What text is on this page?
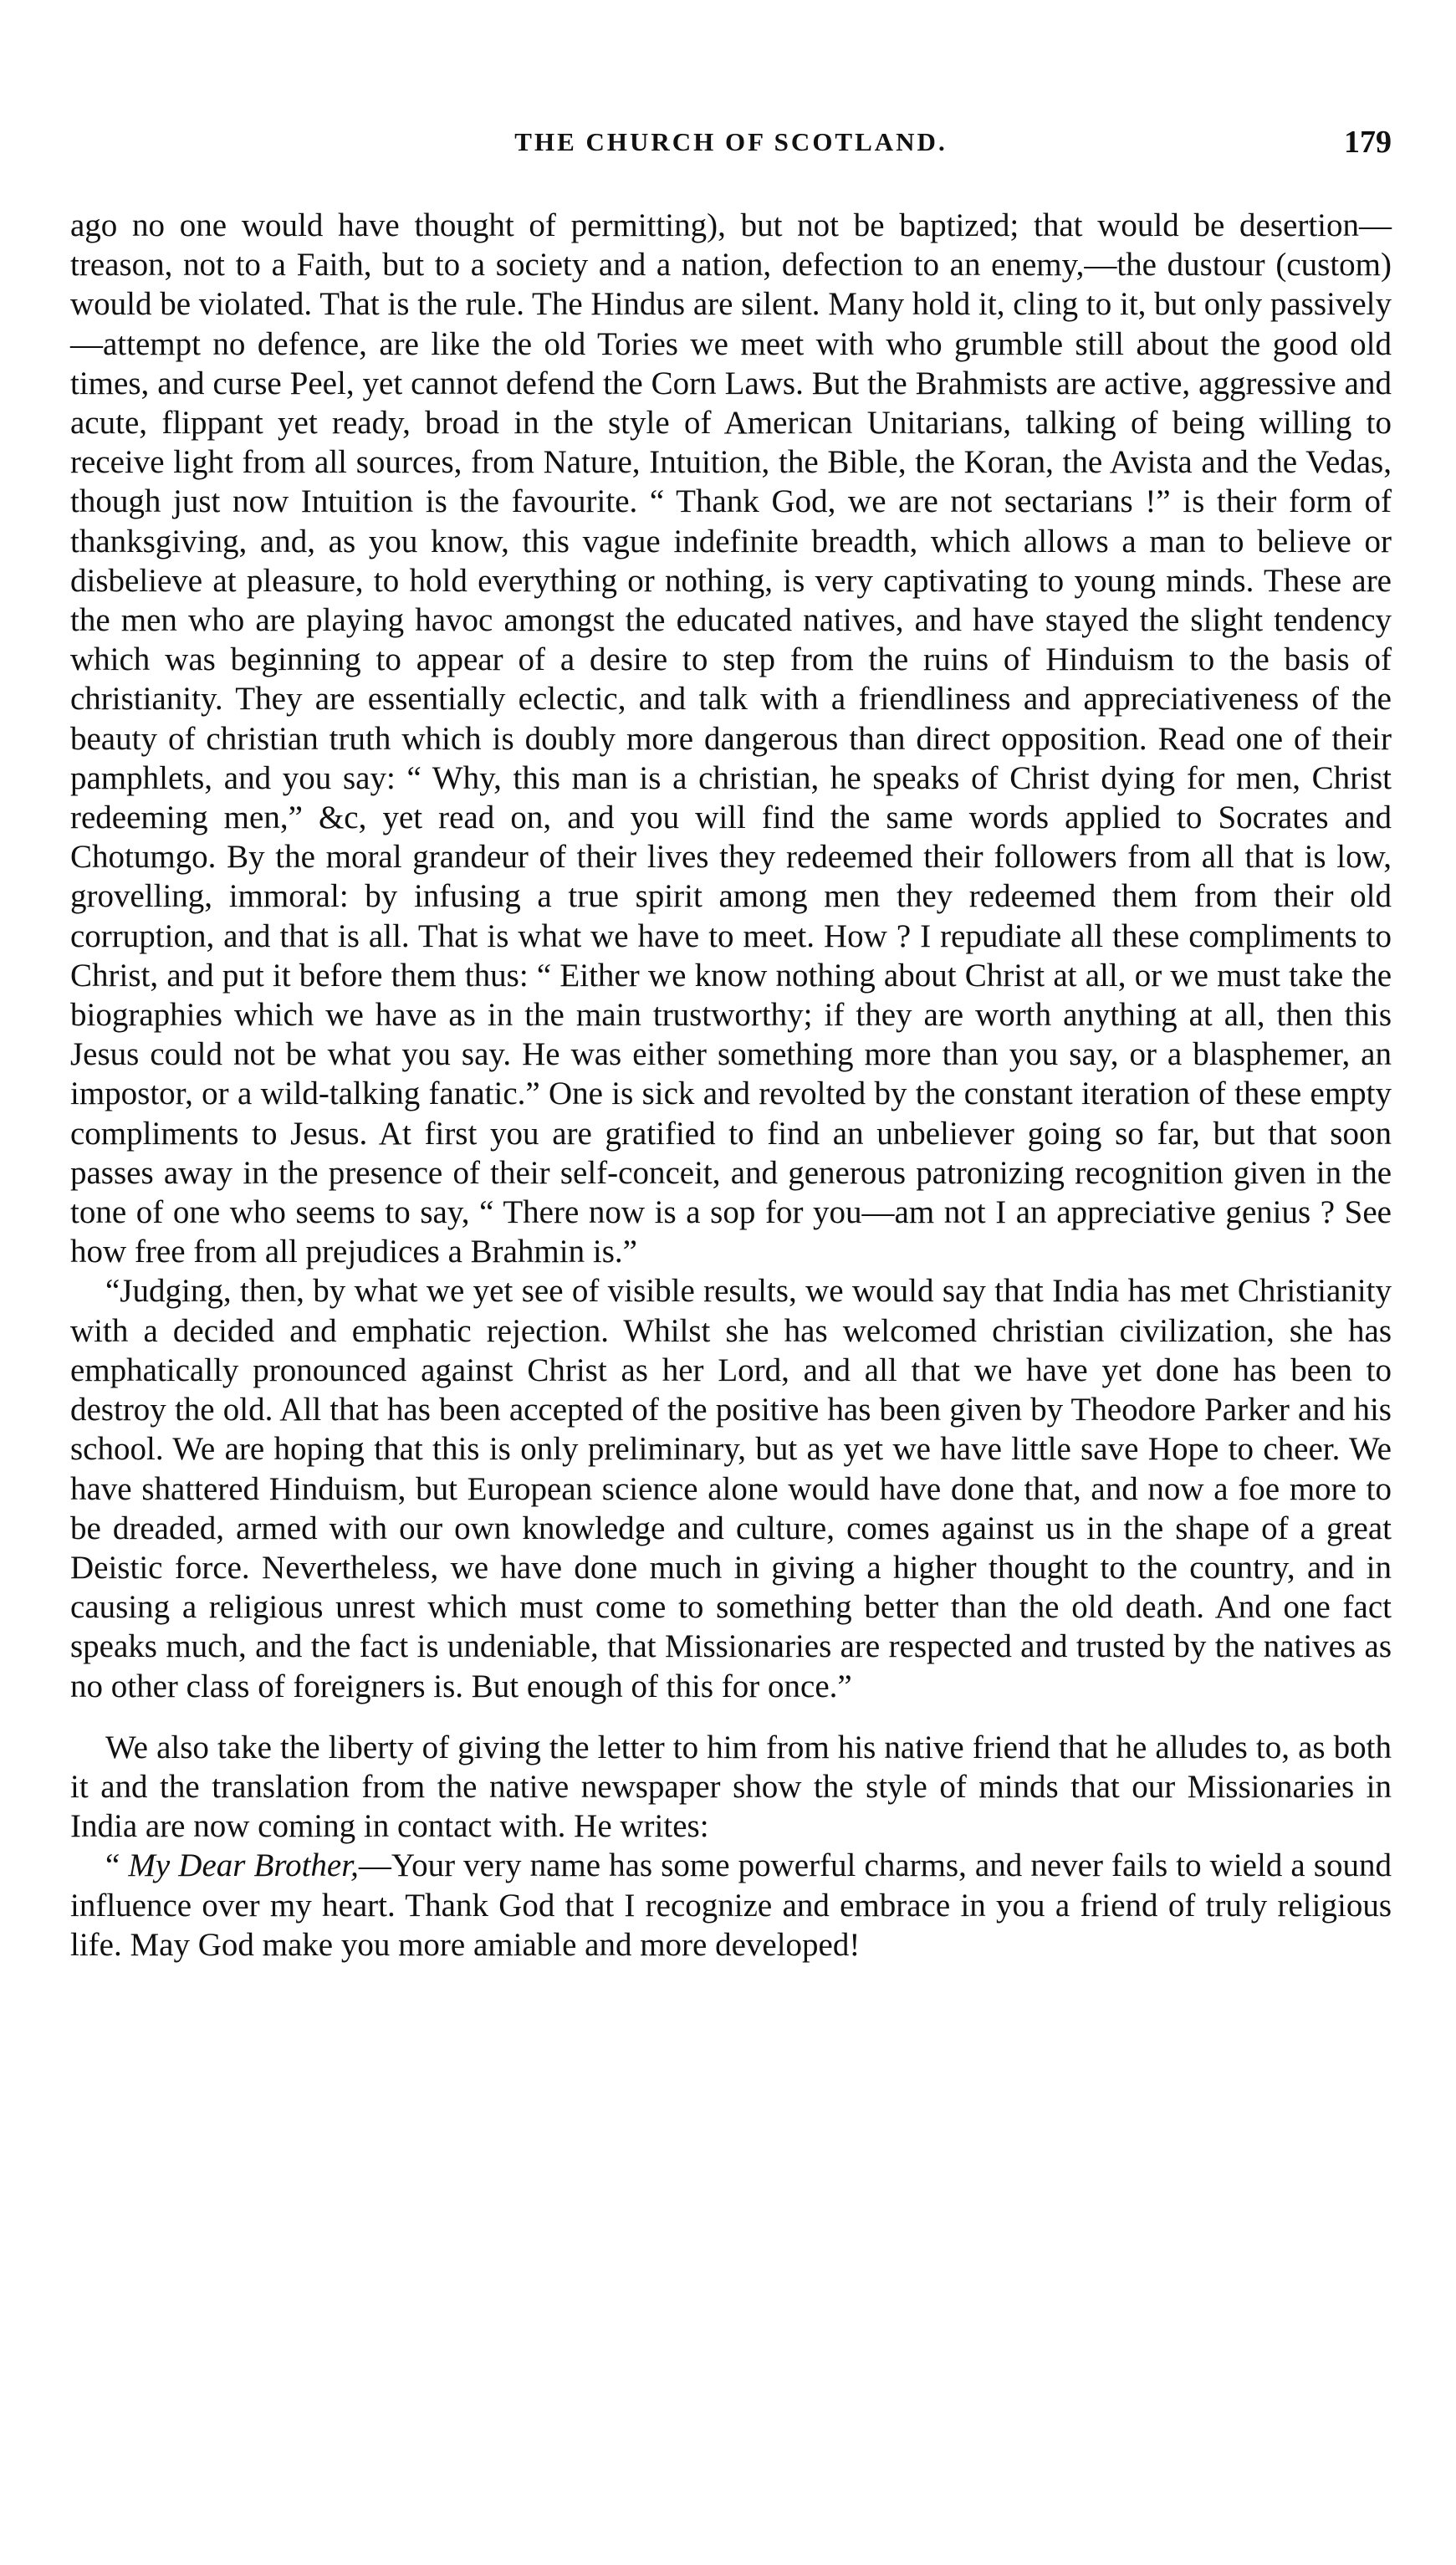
THE CHURCH OF SCOTLAND.	179

ago no one would have thought of permitting), but not be baptized; that would be desertion—treason, not to a Faith, but to a society and a nation, defection to an enemy,—the dustour (custom) would be violated. That is the rule. The Hindus are silent. Many hold it, cling to it, but only passively—attempt no defence, are like the old Tories we meet with who grumble still about the good old times, and curse Peel, yet cannot defend the Corn Laws. But the Brahmists are active, aggressive and acute, flippant yet ready, broad in the style of American Unitarians, talking of being willing to receive light from all sources, from Nature, Intuition, the Bible, the Koran, the Avista and the Vedas, though just now Intuition is the favourite. “ Thank God, we are not sectarians !” is their form of thanksgiving, and, as you know, this vague indefinite breadth, which allows a man to believe or disbelieve at pleasure, to hold everything or nothing, is very captivating to young minds. These are the men who are playing havoc amongst the educated natives, and have stayed the slight tendency which was beginning to appear of a desire to step from the ruins of Hinduism to the basis of christianity. They are essentially eclectic, and talk with a friendliness and appreciativeness of the beauty of christian truth which is doubly more dangerous than direct opposition. Read one of their pamphlets, and you say: “ Why, this man is a christian, he speaks of Christ dying for men, Christ redeeming men,” &c, yet read on, and you will find the same words applied to Socrates and Chotumgo. By the moral grandeur of their lives they redeemed their followers from all that is low, grovelling, immoral: by infusing a true spirit among men they redeemed them from their old corruption, and that is all. That is what we have to meet. How ? I repudiate all these compliments to Christ, and put it before them thus: “ Either we know nothing about Christ at all, or we must take the biographies which we have as in the main trustworthy; if they are worth anything at all, then this Jesus could not be what you say. He was either something more than you say, or a blasphemer, an impostor, or a wild-talking fanatic.” One is sick and revolted by the constant iteration of these empty compliments to Jesus. At first you are gratified to find an unbeliever going so far, but that soon passes away in the presence of their self-conceit, and generous patronizing recognition given in the tone of one who seems to say, “ There now is a sop for you—am not I an appreciative genius ? See how free from all prejudices a Brahmin is.”

“Judging, then, by what we yet see of visible results, we would say that India has met Christianity with a decided and emphatic rejection. Whilst she has welcomed christian civilization, she has emphatically pronounced against Christ as her Lord, and all that we have yet done has been to destroy the old. All that has been accepted of the positive has been given by Theodore Parker and his school. We are hoping that this is only preliminary, but as yet we have little save Hope to cheer. We have shattered Hinduism, but European science alone would have done that, and now a foe more to be dreaded, armed with our own knowledge and culture, comes against us in the shape of a great Deistic force. Nevertheless, we have done much in giving a higher thought to the country, and in causing a religious unrest which must come to something better than the old death. And one fact speaks much, and the fact is undeniable, that Missionaries are respected and trusted by the natives as no other class of foreigners is. But enough of this for once.”

We also take the liberty of giving the letter to him from his native friend that he alludes to, as both it and the translation from the native newspaper show the style of minds that our Missionaries in India are now coming in contact with. He writes:

“ My Dear Brother,—Your very name has some powerful charms, and never fails to wield a sound influence over my heart. Thank God that I recognize and embrace in you a friend of truly religious life. May God make you more amiable and more developed!
